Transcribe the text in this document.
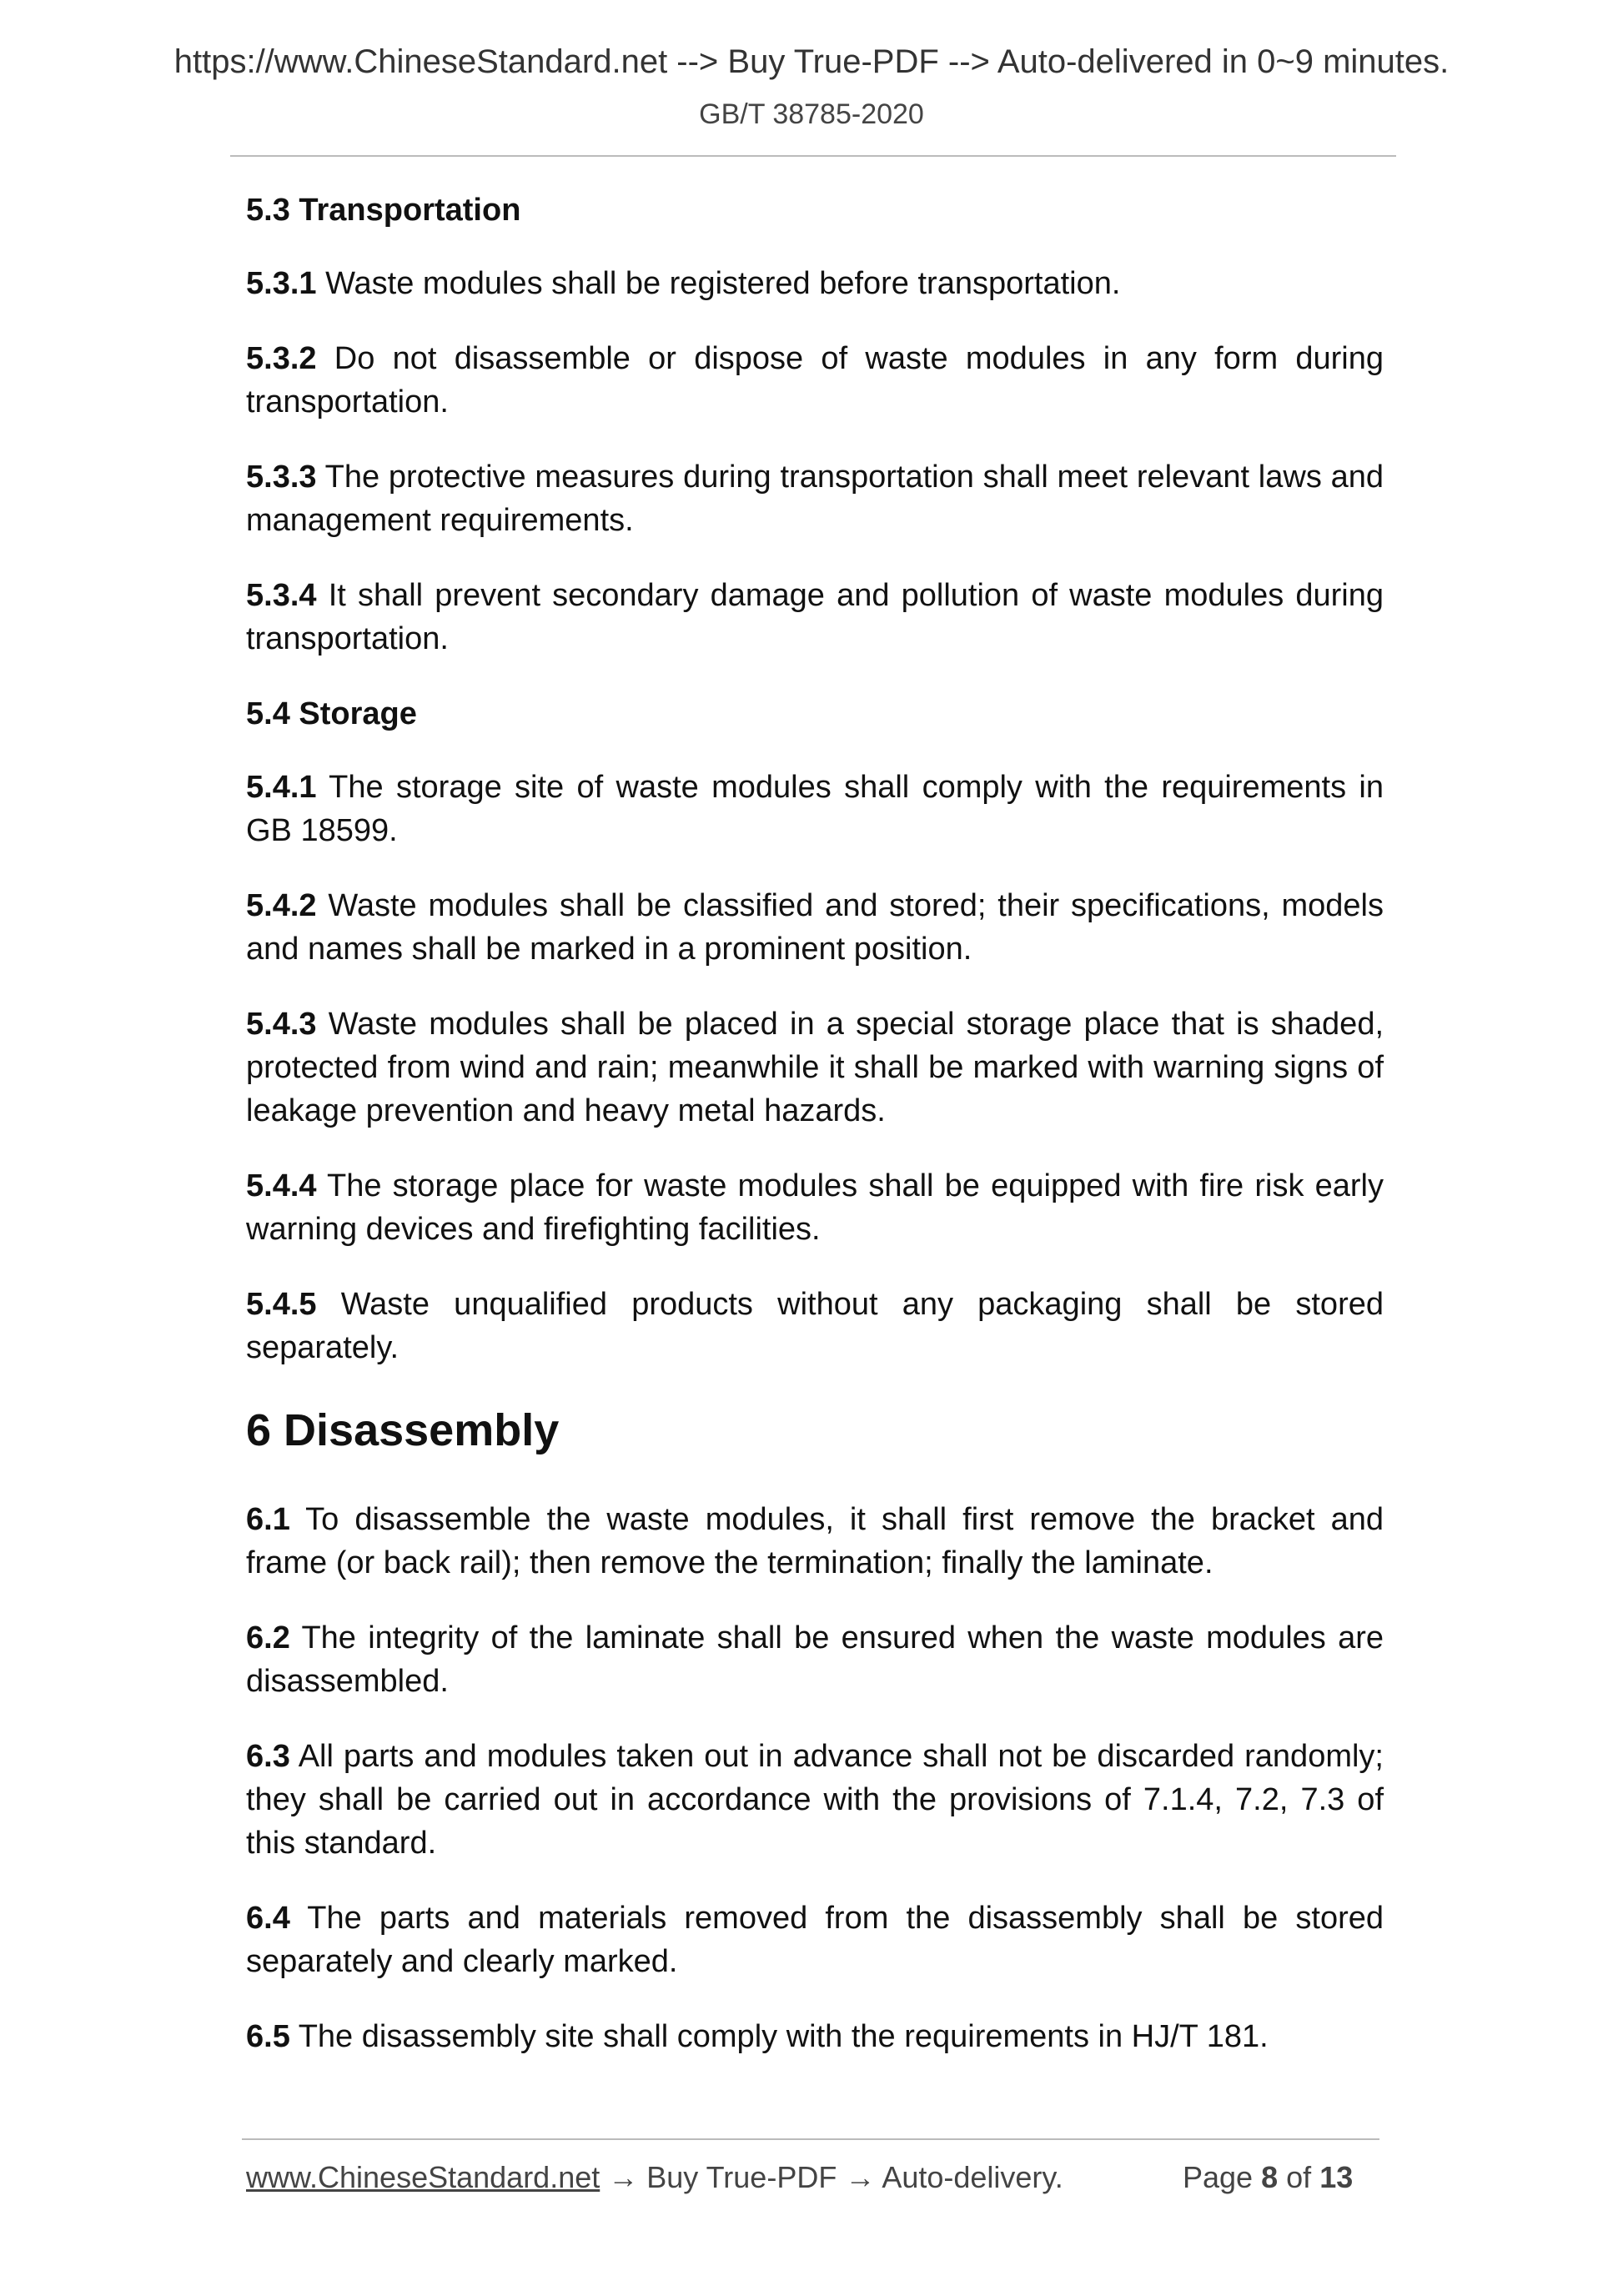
https://www.ChineseStandard.net --> Buy True-PDF --> Auto-delivered in 0~9 minutes.
GB/T 38785-2020
5.3 Transportation

5.3.1 Waste modules shall be registered before transportation.

5.3.2 Do not disassemble or dispose of waste modules in any form during transportation.

5.3.3 The protective measures during transportation shall meet relevant laws and management requirements.

5.3.4 It shall prevent secondary damage and pollution of waste modules during transportation.

5.4 Storage

5.4.1 The storage site of waste modules shall comply with the requirements in GB 18599.

5.4.2 Waste modules shall be classified and stored; their specifications, models and names shall be marked in a prominent position.

5.4.3 Waste modules shall be placed in a special storage place that is shaded, protected from wind and rain; meanwhile it shall be marked with warning signs of leakage prevention and heavy metal hazards.

5.4.4 The storage place for waste modules shall be equipped with fire risk early warning devices and firefighting facilities.

5.4.5 Waste unqualified products without any packaging shall be stored separately.

6 Disassembly

6.1 To disassemble the waste modules, it shall first remove the bracket and frame (or back rail); then remove the termination; finally the laminate.

6.2 The integrity of the laminate shall be ensured when the waste modules are disassembled.

6.3 All parts and modules taken out in advance shall not be discarded randomly; they shall be carried out in accordance with the provisions of 7.1.4, 7.2, 7.3 of this standard.

6.4 The parts and materials removed from the disassembly shall be stored separately and clearly marked.

6.5 The disassembly site shall comply with the requirements in HJ/T 181.

www.ChineseStandard.net → Buy True-PDF → Auto-delivery.	Page 8 of 13
